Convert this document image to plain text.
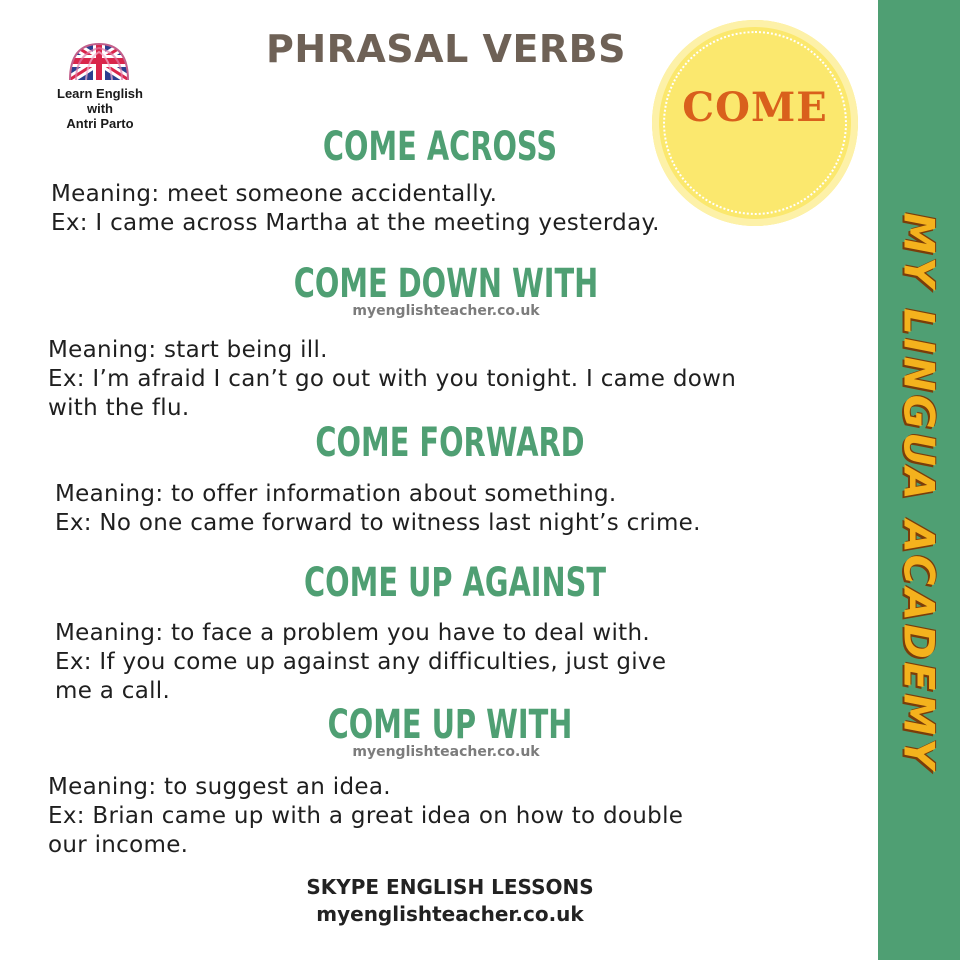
MY LINGUA ACADEMY
Learn English
with
Antri Parto
PHRASAL VERBS
COME
COME ACROSS
Meaning: meet someone accidentally.
Ex: I came across Martha at the meeting yesterday.
COME DOWN WITH
myenglishteacher.co.uk
Meaning: start being ill.
Ex: I’m afraid I can’t go out with you tonight. I came down
with the flu.
COME FORWARD
Meaning: to offer information about something.
Ex: No one came forward to witness last night’s crime.
COME UP AGAINST
Meaning: to face a problem you have to deal with.
Ex: If you come up against any difficulties, just give
me a call.
COME UP WITH
myenglishteacher.co.uk
Meaning: to suggest an idea.
Ex: Brian came up with a great idea on how to double
our income.
SKYPE ENGLISH LESSONS
myenglishteacher.co.uk
